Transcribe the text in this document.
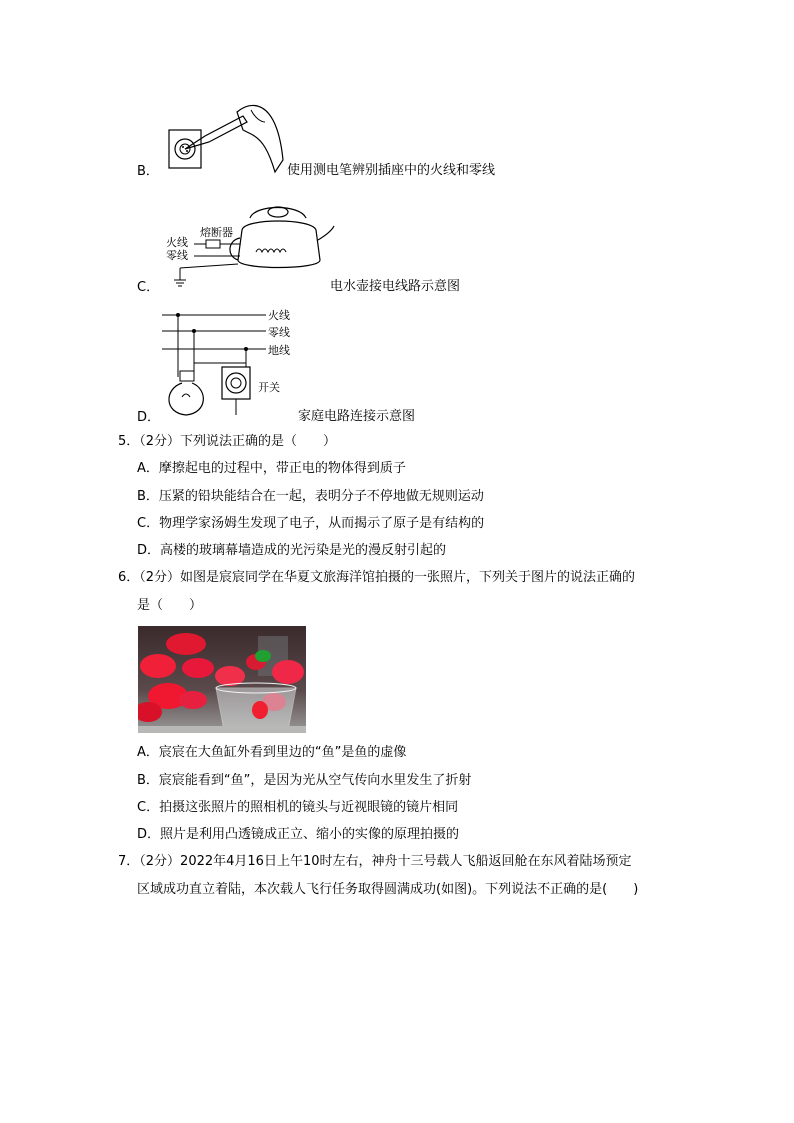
B．	使用测电笔辨别插座中的火线和零线
熔断器
火线
零线
C．	电水壶接电线路示意图
火线
零线
地线
开关
D．	家庭电路连接示意图
5．（2分）下列说法正确的是（　　）
A．摩擦起电的过程中，带正电的物体得到质子
B．压紧的铅块能结合在一起，表明分子不停地做无规则运动
C．物理学家汤姆生发现了电子，从而揭示了原子是有结构的
D．高楼的玻璃幕墙造成的光污染是光的漫反射引起的
6．（2分）如图是宸宸同学在华夏文旅海洋馆拍摄的一张照片，下列关于图片的说法正确的
是（　　）
A．宸宸在大鱼缸外看到里边的“鱼”是鱼的虚像
B．宸宸能看到“鱼”，是因为光从空气传向水里发生了折射
C．拍摄这张照片的照相机的镜头与近视眼镜的镜片相同
D．照片是利用凸透镜成正立、缩小的实像的原理拍摄的
7．（2分）2022年4月16日上午10时左右，神舟十三号载人飞船返回舱在东风着陆场预定
区域成功直立着陆，本次载人飞行任务取得圆满成功(如图)。下列说法不正确的是(　　)
